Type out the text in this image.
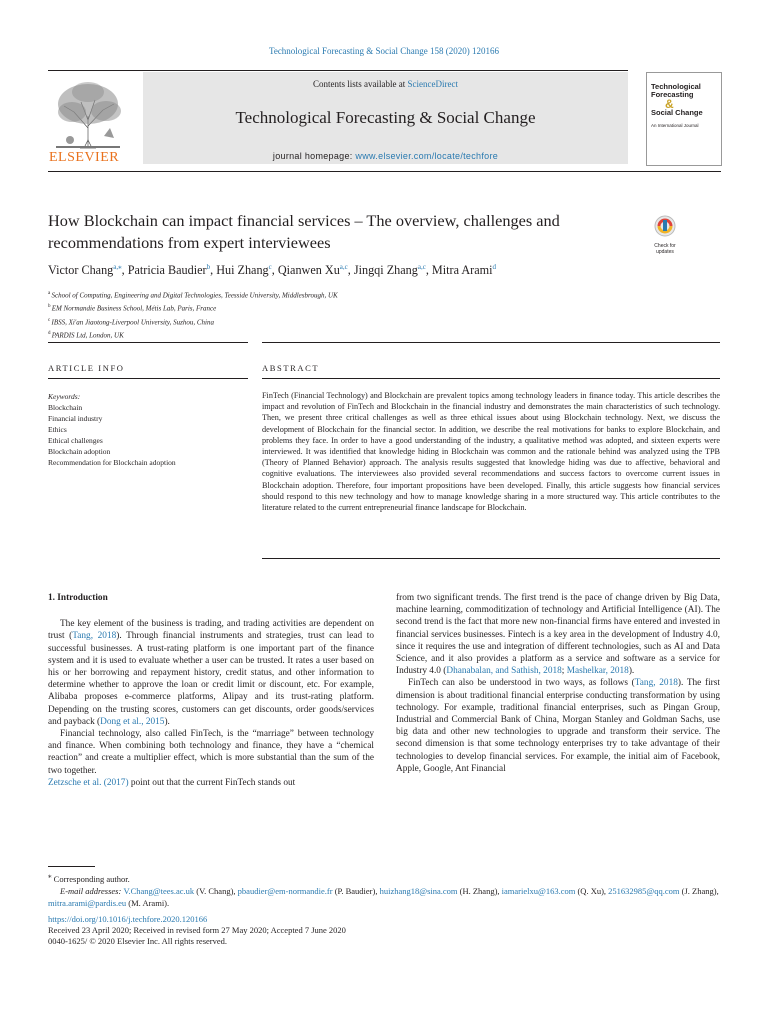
Technological Forecasting & Social Change 158 (2020) 120166
ELSEVIER
Contents lists available at ScienceDirect
Technological Forecasting & Social Change
journal homepage: www.elsevier.com/locate/techfore
Technological
Forecasting
&
Social Change
An International Journal
How Blockchain can impact financial services – The overview, challenges and recommendations from expert interviewees	Check for updates
Victor Chang$^{a,⁎}$, Patricia Baudier$^b$, Hui Zhang$^c$, Qianwen Xu$^{a,c}$, Jingqi Zhang$^{a,c}$, Mitra Arami$^d$
$^a$ School of Computing, Engineering and Digital Technologies, Teesside University, Middlesbrough, UK
$^b$ EM Normandie Business School, Métis Lab, Paris, France
$^c$ IBSS, Xi'an Jiaotong-Liverpool University, Suzhou, China
$^d$ PARDIS Ltd, London, UK
ARTICLE INFO	ABSTRACT
Keywords:
Blockchain
Financial industry
Ethics
Ethical challenges
Blockchain adoption
Recommendation for Blockchain adoption
FinTech (Financial Technology) and Blockchain are prevalent topics among technology leaders in finance today. This article describes the impact and revolution of FinTech and Blockchain in the financial industry and demonstrates the main characteristics of such technology. Then, we present three critical challenges as well as three ethical issues about using Blockchain technology. Next, we discuss the development of Blockchain for the financial sector. In addition, we describe the real motivations for banks to explore Blockchain, and problems they face. In order to have a good understanding of the industry, a qualitative method was adopted, and sixteen experts were interviewed. It was identified that knowledge hiding in Blockchain was common and the rationale behind was analyzed using the TPB (Theory of Planned Behavior) approach. The analysis results suggested that knowledge hiding was due to affective, behavioral and cognitive evaluations. The interviewees also provided several recommendations and success factors to overcome current issues in Blockchain adoption. Therefore, four important propositions have been developed. Finally, this article suggests how financial services should respond to this new technology and how to manage knowledge sharing in a more structured way. This article contributes to the literature related to the current entrepreneurial finance landscape for Blockchain.
1. Introduction

The key element of the business is trading, and trading activities are dependent on trust (Tang, 2018). Through financial instruments and strategies, trust can lead to successful businesses. A trust-rating platform is one important part of the finance system and it is used to evaluate whether a user can be trusted. It rates a user based on his or her borrowing and repayment history, credit status, and other information to determine whether to approve the loan or credit limit or discount, etc. For example, Alibaba proposes e-commerce platforms, Alipay and its trust-rating platform. Depending on the trusting scores, customers can get discounts, order goods/services and payback (Dong et al., 2015).

Financial technology, also called FinTech, is the “marriage” between technology and finance. When combining both technology and finance, they have a “chemical reaction” and create a multiplier effect, which is more substantial than the sum of the two together.

Zetzsche et al. (2017) point out that the current FinTech stands out

from two significant trends. The first trend is the pace of change driven by Big Data, machine learning, commoditization of technology and Artificial Intelligence (AI). The second trend is the fact that more new non-financial firms have entered and invested in financial services businesses. Fintech is a key area in the development of Industry 4.0, since it requires the use and integration of different technologies, such as AI and Data Science, and it also provides a platform as a service and software as a service for Industry 4.0 (Dhanabalan, and Sathish, 2018; Mashelkar, 2018).

FinTech can also be understood in two ways, as follows (Tang, 2018). The first dimension is about traditional financial enterprise conducting transformation by using technology. For example, traditional financial enterprises, such as Pingan Group, Industrial and Commercial Bank of China, Morgan Stanley and Goldman Sachs, use big data and other new technologies to upgrade and transform their service. The second dimension is that some technology enterprises try to take advantage of their technologies to develop financial services. For example, the initial aim of Facebook, Apple, Google, Ant Financial

⁎ Corresponding author.
E-mail addresses: V.Chang@tees.ac.uk (V. Chang), pbaudier@em-normandie.fr (P. Baudier), huizhang18@sina.com (H. Zhang), iamarielxu@163.com (Q. Xu), 251632985@qq.com (J. Zhang), mitra.arami@pardis.eu (M. Arami).
https://doi.org/10.1016/j.techfore.2020.120166
Received 23 April 2020; Received in revised form 27 May 2020; Accepted 7 June 2020
0040-1625/ © 2020 Elsevier Inc. All rights reserved.
